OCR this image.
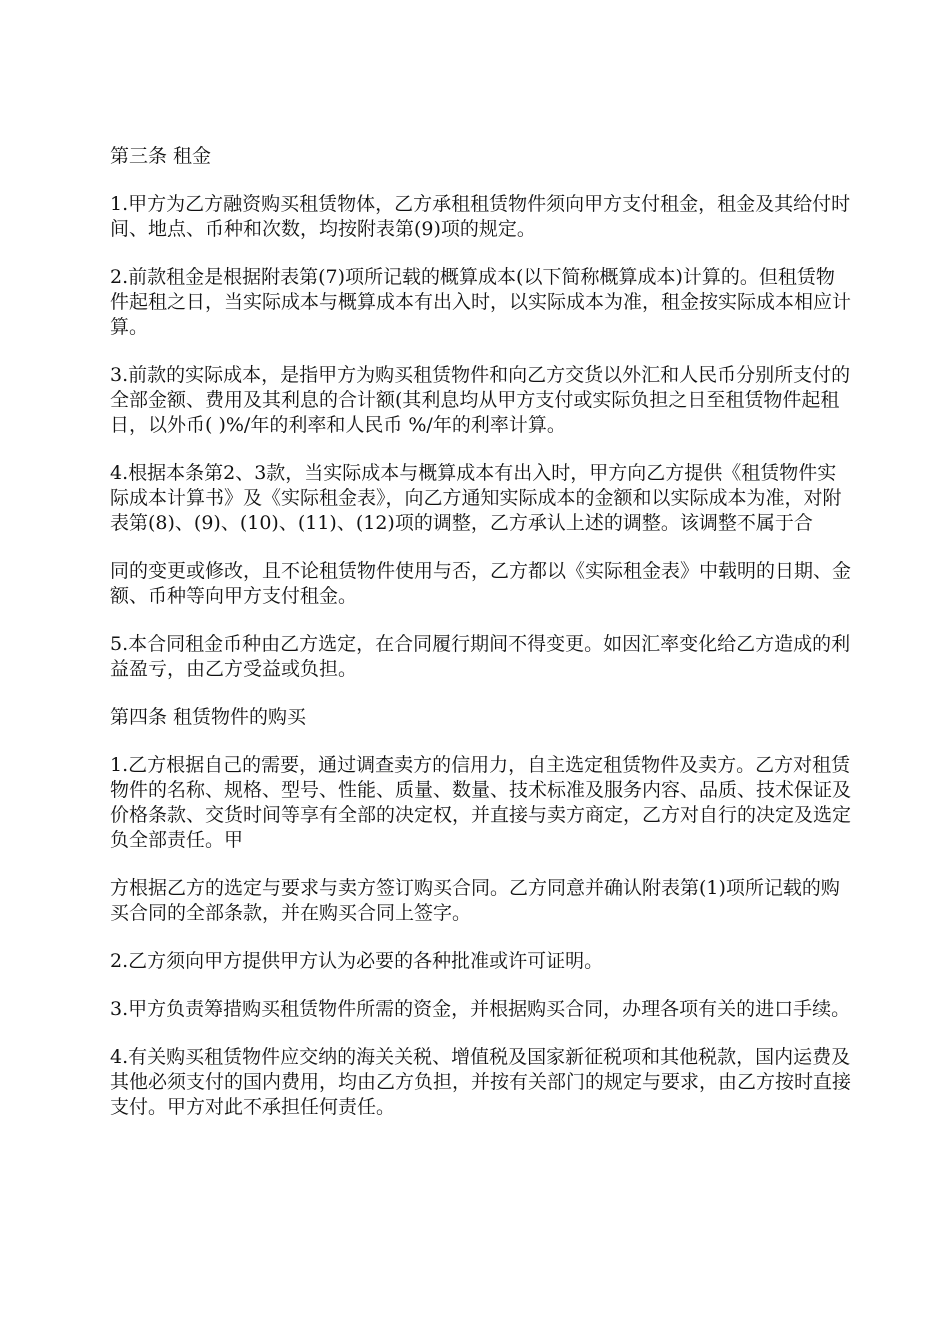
第三条 租金

1.甲方为乙方融资购买租赁物体，乙方承租租赁物件须向甲方支付租金，租金及其给付时间、地点、币种和次数，均按附表第(9)项的规定。

2.前款租金是根据附表第(7)项所记载的概算成本(以下简称概算成本)计算的。但租赁物件起租之日，当实际成本与概算成本有出入时，以实际成本为准，租金按实际成本相应计算。

3.前款的实际成本，是指甲方为购买租赁物件和向乙方交货以外汇和人民币分别所支付的全部金额、费用及其利息的合计额(其利息均从甲方支付或实际负担之日至租赁物件起租日，以外币( )%/年的利率和人民币 %/年的利率计算。

4.根据本条第2、3款，当实际成本与概算成本有出入时，甲方向乙方提供《租赁物件实际成本计算书》及《实际租金表》，向乙方通知实际成本的金额和以实际成本为准，对附表第(8)、(9)、(10)、(11)、(12)项的调整，乙方承认上述的调整。该调整不属于合

同的变更或修改，且不论租赁物件使用与否，乙方都以《实际租金表》中载明的日期、金额、币种等向甲方支付租金。

5.本合同租金币种由乙方选定，在合同履行期间不得变更。如因汇率变化给乙方造成的利益盈亏，由乙方受益或负担。

第四条 租赁物件的购买

1.乙方根据自己的需要，通过调查卖方的信用力，自主选定租赁物件及卖方。乙方对租赁物件的名称、规格、型号、性能、质量、数量、技术标准及服务内容、品质、技术保证及价格条款、交货时间等享有全部的决定权，并直接与卖方商定，乙方对自行的决定及选定负全部责任。甲

方根据乙方的选定与要求与卖方签订购买合同。乙方同意并确认附表第(1)项所记载的购买合同的全部条款，并在购买合同上签字。

2.乙方须向甲方提供甲方认为必要的各种批准或许可证明。

3.甲方负责筹措购买租赁物件所需的资金，并根据购买合同，办理各项有关的进口手续。

4.有关购买租赁物件应交纳的海关关税、增值税及国家新征税项和其他税款，国内运费及其他必须支付的国内费用，均由乙方负担，并按有关部门的规定与要求，由乙方按时直接支付。甲方对此不承担任何责任。
